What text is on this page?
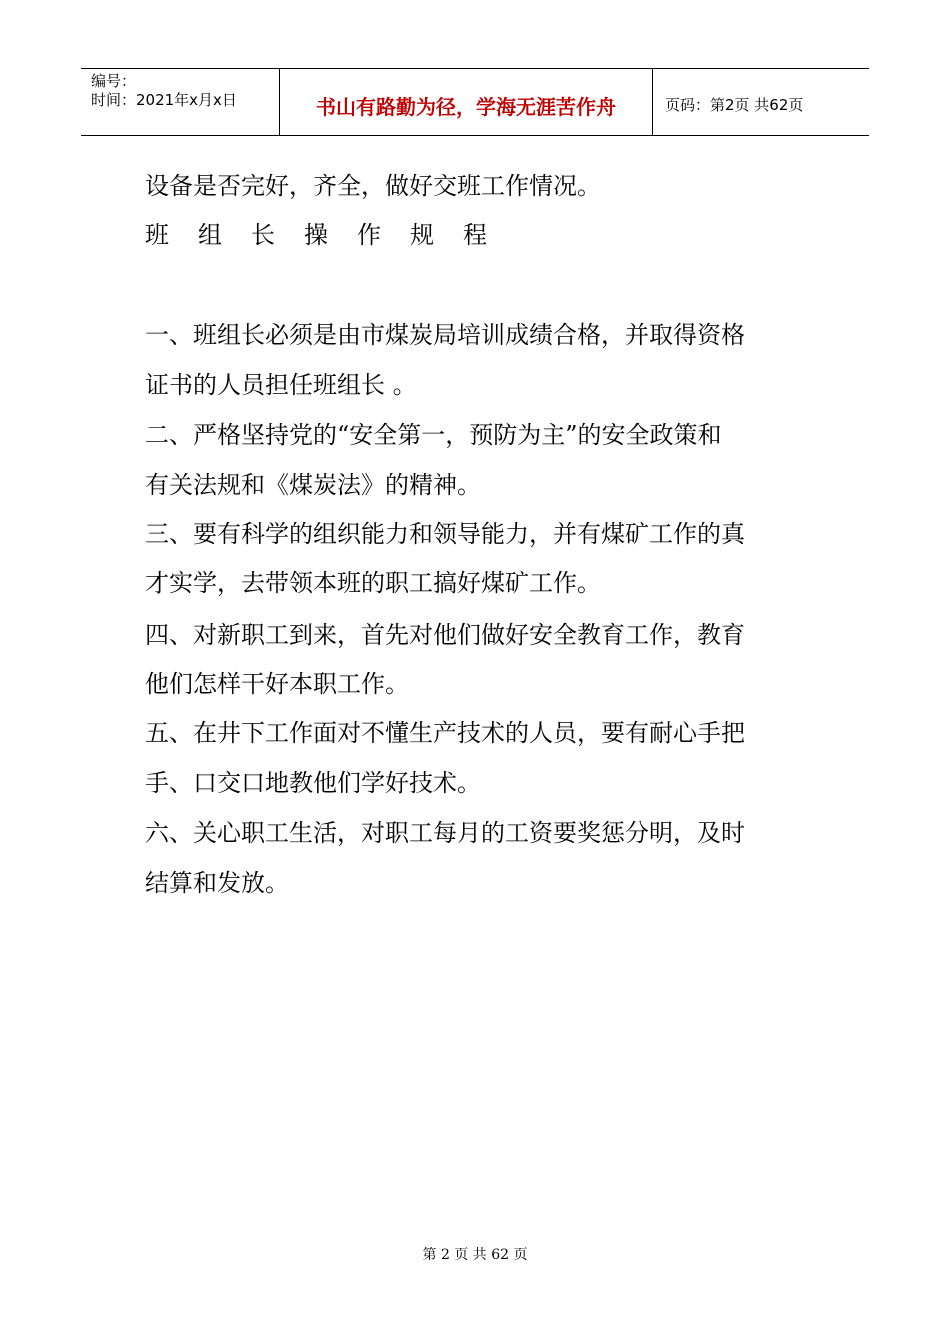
编号：
时间：2021年x月x日	书山有路勤为径，学海无涯苦作舟	页码：第2页 共62页
设备是否完好，齐全，做好交班工作情况。
班组长操作规程
一、班组长必须是由市煤炭局培训成绩合格，并取得资格
证书的人员担任班组长 。
二、严格坚持党的“安全第一，预防为主”的安全政策和
有关法规和《煤炭法》的精神。
三、要有科学的组织能力和领导能力，并有煤矿工作的真
才实学，去带领本班的职工搞好煤矿工作。
四、对新职工到来，首先对他们做好安全教育工作，教育
他们怎样干好本职工作。
五、在井下工作面对不懂生产技术的人员，要有耐心手把
手、口交口地教他们学好技术。
六、关心职工生活，对职工每月的工资要奖惩分明，及时
结算和发放。
第 2 页 共 62 页
